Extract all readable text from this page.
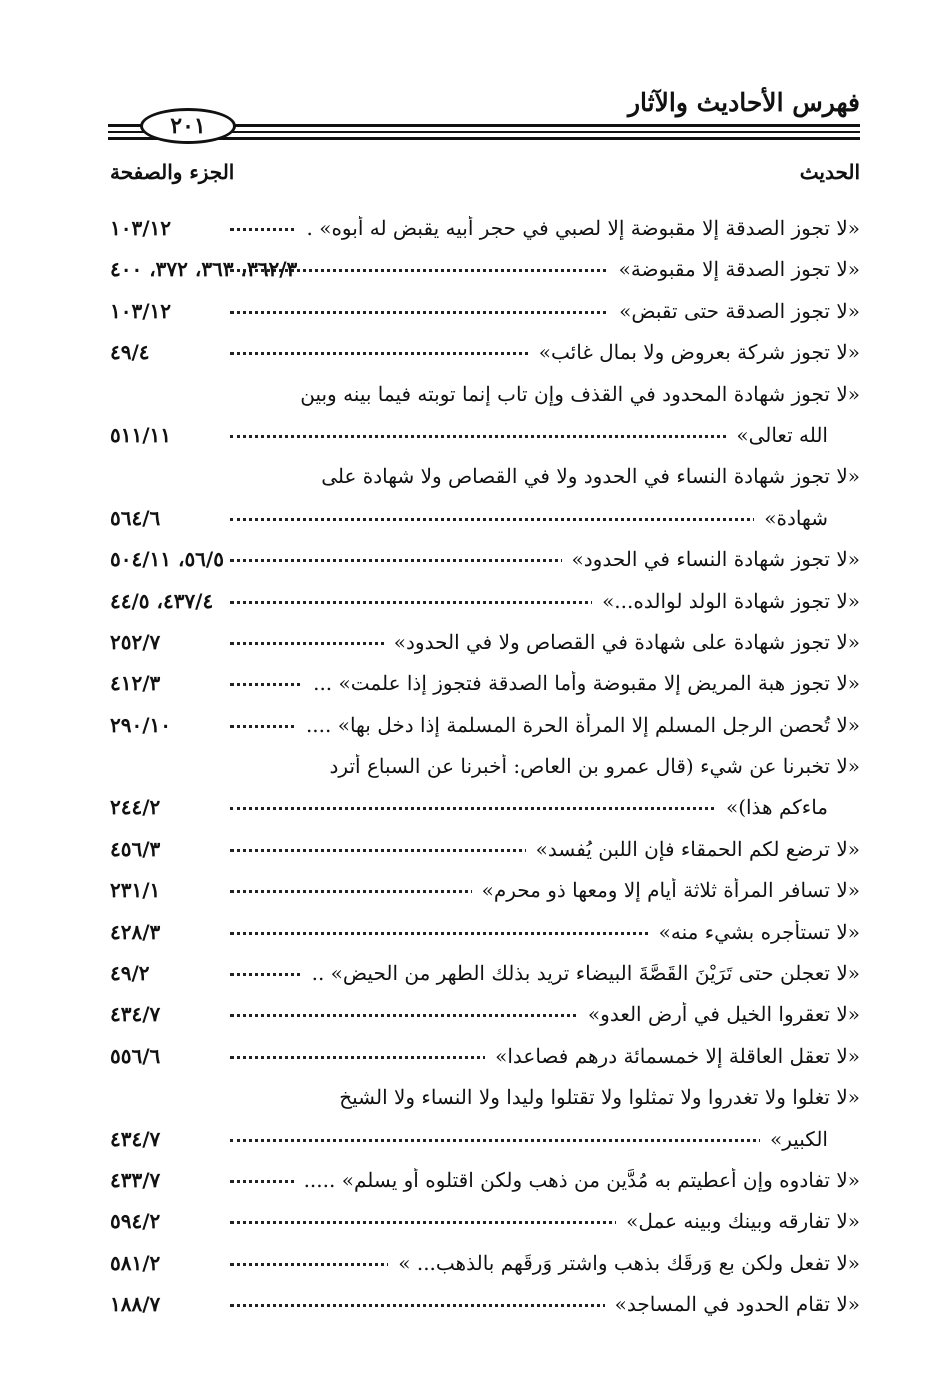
فهرس الأحاديث والآثار
٢٠١
الحديث
الجزء والصفحة
«لا تجوز الصدقة إلا مقبوضة إلا لصبي في حجر أبيه يقبض له أبوه» .
١٠٣/١٢
«لا تجوز الصدقة إلا مقبوضة»
٣٦٢/٣، ٣٦٣، ٣٧٢، ٤٠٠
«لا تجوز الصدقة حتى تقبض»
١٠٣/١٢
«لا تجوز شركة بعروض ولا بمال غائب»
٤٩/٤
«لا تجوز شهادة المحدود في القذف وإن تاب إنما توبته فيما بينه وبين
الله تعالى»
٥١١/١١
«لا تجوز شهادة النساء في الحدود ولا في القصاص ولا شهادة على
شهادة»
٥٦٤/٦
«لا تجوز شهادة النساء في الحدود»
٥٦/٥، ٥٠٤/١١
«لا تجوز شهادة الولد لوالده...»
٤٣٧/٤، ٤٤/٥
«لا تجوز شهادة على شهادة في القصاص ولا في الحدود»
٢٥٢/٧
«لا تجوز هبة المريض إلا مقبوضة وأما الصدقة فتجوز إذا علمت» ...
٤١٢/٣
«لا تُحصن الرجل المسلم إلا المرأة الحرة المسلمة إذا دخل بها» ....
٢٩٠/١٠
«لا تخبرنا عن شيء (قال عمرو بن العاص: أخبرنا عن السباع أترد
ماءكم هذا)»
٢٤٤/٢
«لا ترضع لكم الحمقاء فإن اللبن يُفسد»
٤٥٦/٣
«لا تسافر المرأة ثلاثة أيام إلا ومعها ذو محرم»
٢٣١/١
«لا تستأجره بشيء منه»
٤٢٨/٣
«لا تعجلن حتى تَرَيْنَ القَصَّةَ البيضاء تريد بذلك الطهر من الحيض» ..
٤٩/٢
«لا تعقروا الخيل في أرض العدو»
٤٣٤/٧
«لا تعقل العاقلة إلا خمسمائة درهم فصاعدا»
٥٥٦/٦
«لا تغلوا ولا تغدروا ولا تمثلوا ولا تقتلوا وليدا ولا النساء ولا الشيخ
الكبير»
٤٣٤/٧
«لا تفادوه وإن أُعطيتم به مُدَّين من ذهب ولكن اقتلوه أو يسلم» .....
٤٣٣/٧
«لا تفارقه وبينك وبينه عمل»
٥٩٤/٢
«لا تفعل ولكن بع وَرِقَك بذهب واشتر وَرِقَهم بالذهب... »
٥٨١/٢
«لا تقام الحدود في المساجد»
١٨٨/٧
